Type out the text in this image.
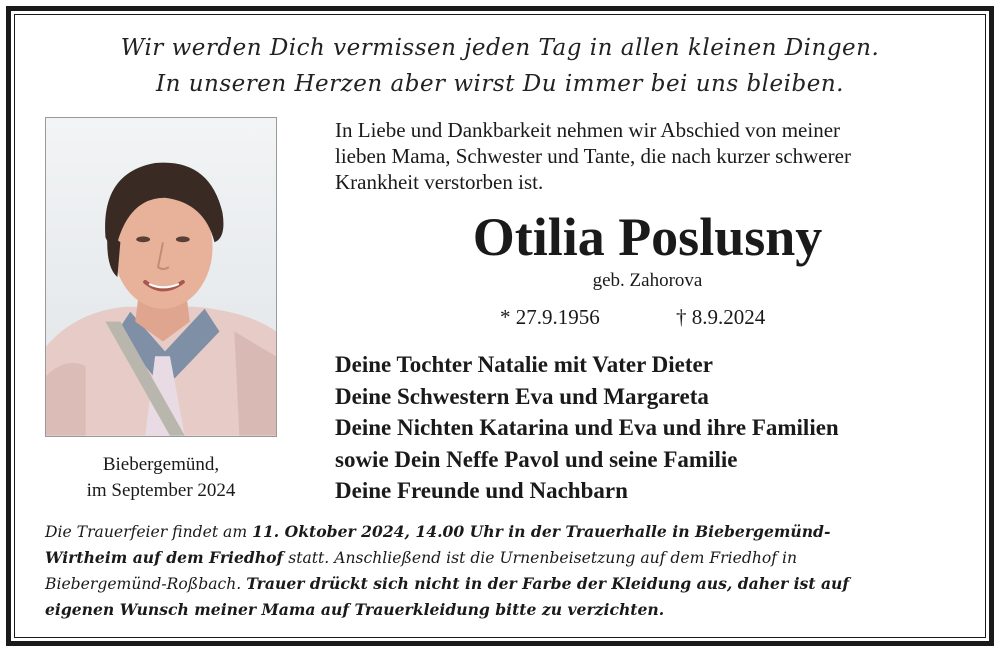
Wir werden Dich vermissen jeden Tag in allen kleinen Dingen.
In unseren Herzen aber wirst Du immer bei uns bleiben.
Biebergemünd,
im September 2024
In Liebe und Dankbarkeit nehmen wir Abschied von meiner
lieben Mama, Schwester und Tante, die nach kurzer schwerer
Krankheit verstorben ist.
Otilia Poslusny
geb. Zahorova
* 27.9.1956	† 8.9.2024
Deine Tochter Natalie mit Vater Dieter
Deine Schwestern Eva und Margareta
Deine Nichten Katarina und Eva und ihre Familien
sowie Dein Neffe Pavol und seine Familie
Deine Freunde und Nachbarn
Die Trauerfeier findet am 11. Oktober 2024, 14.00 Uhr in der Trauerhalle in Biebergemünd-
Wirtheim auf dem Friedhof statt. Anschließend ist die Urnenbeisetzung auf dem Friedhof in
Biebergemünd-Roßbach. Trauer drückt sich nicht in der Farbe der Kleidung aus, daher ist auf
eigenen Wunsch meiner Mama auf Trauerkleidung bitte zu verzichten.
